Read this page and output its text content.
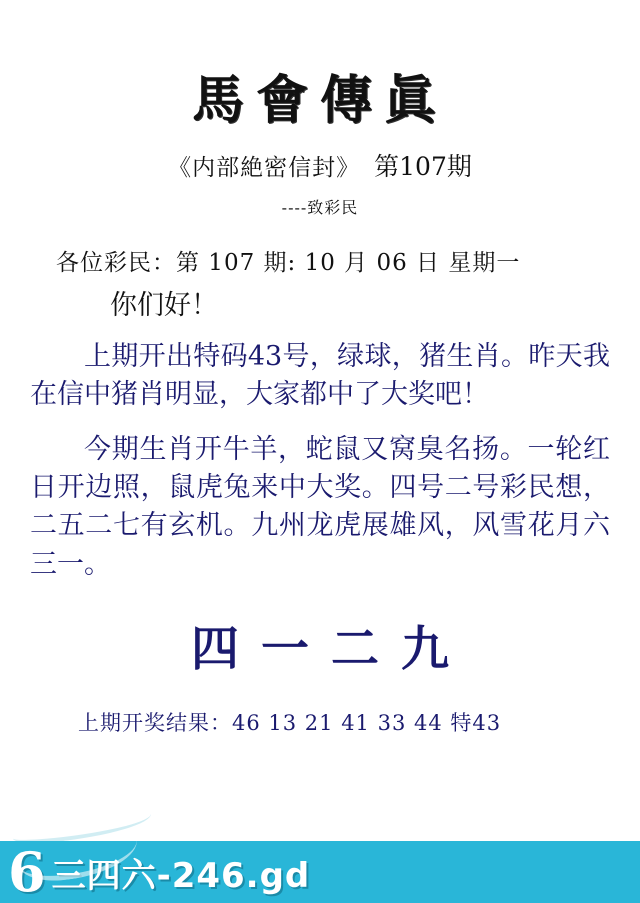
馬會傳眞
《内部絶密信封》 第107期
----致彩民
各位彩民：第 107 期: 10 月 06 日 星期一
你们好！
上期开出特码43号，绿球，猪生肖。昨天我在信中猪肖明显，大家都中了大奖吧！
今期生肖开牛羊，蛇鼠又窝臭名扬。一轮红日开边照，鼠虎兔来中大奖。四号二号彩民想，二五二七有玄机。九州龙虎展雄风，风雪花月六三一。
四一二九
上期开奖结果：46 13 21 41 33 44 特43
6 三四六-246.gd
